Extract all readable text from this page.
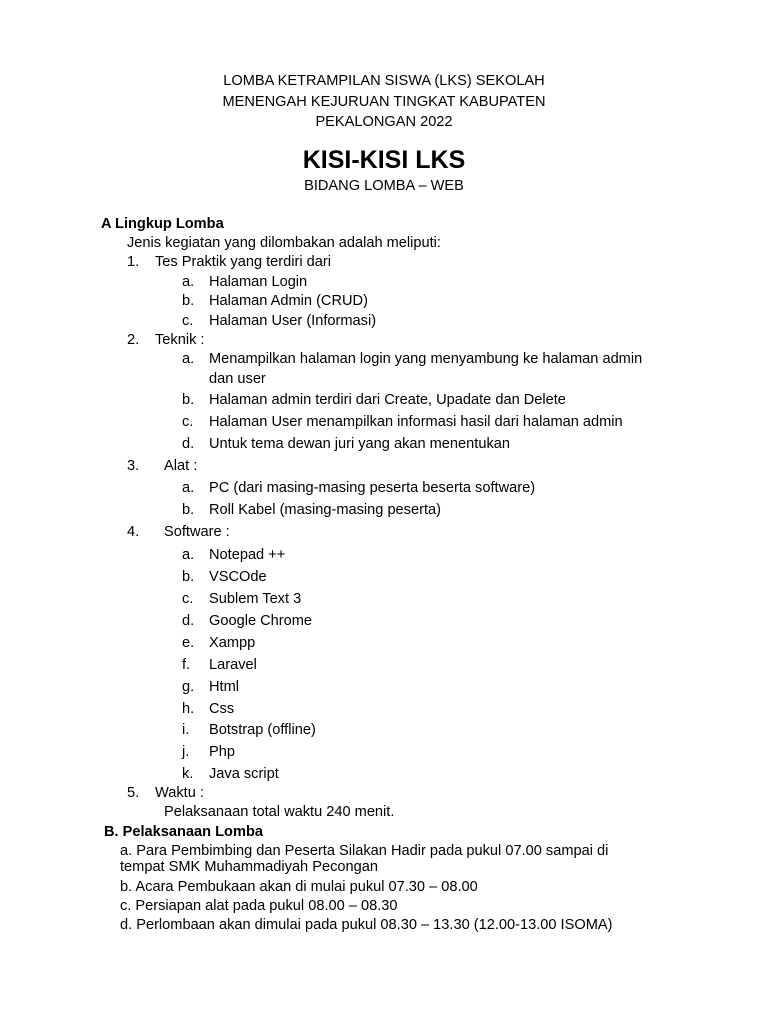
LOMBA KETRAMPILAN SISWA (LKS) SEKOLAH
MENENGAH KEJURUAN TINGKAT KABUPATEN
PEKALONGAN 2022
KISI-KISI LKS
BIDANG LOMBA – WEB
A Lingkup Lomba
Jenis kegiatan yang dilombakan adalah meliputi:
1. Tes Praktik yang terdiri dari
a. Halaman Login
b. Halaman Admin (CRUD)
c. Halaman User (Informasi)
2. Teknik :
a. Menampilkan halaman login yang menyambung ke halaman admin
dan user
b. Halaman admin terdiri dari Create, Upadate dan Delete
c. Halaman User menampilkan informasi hasil dari halaman admin
d. Untuk tema dewan juri yang akan menentukan
3. Alat :
a. PC (dari masing-masing peserta beserta software)
b. Roll Kabel (masing-masing peserta)
4. Software :
a. Notepad ++
b. VSCOde
c. Sublem Text 3
d. Google Chrome
e. Xampp
f. Laravel
g. Html
h. Css
i. Botstrap (offline)
j. Php
k. Java script
5. Waktu :
Pelaksanaan total waktu 240 menit.
B. Pelaksanaan Lomba
a. Para Pembimbing dan Peserta Silakan Hadir pada pukul 07.00 sampai di
tempat SMK Muhammadiyah Pecongan
b. Acara Pembukaan akan di mulai pukul 07.30 – 08.00
c. Persiapan alat pada pukul 08.00 – 08.30
d. Perlombaan akan dimulai pada pukul 08.30 – 13.30 (12.00-13.00 ISOMA)
